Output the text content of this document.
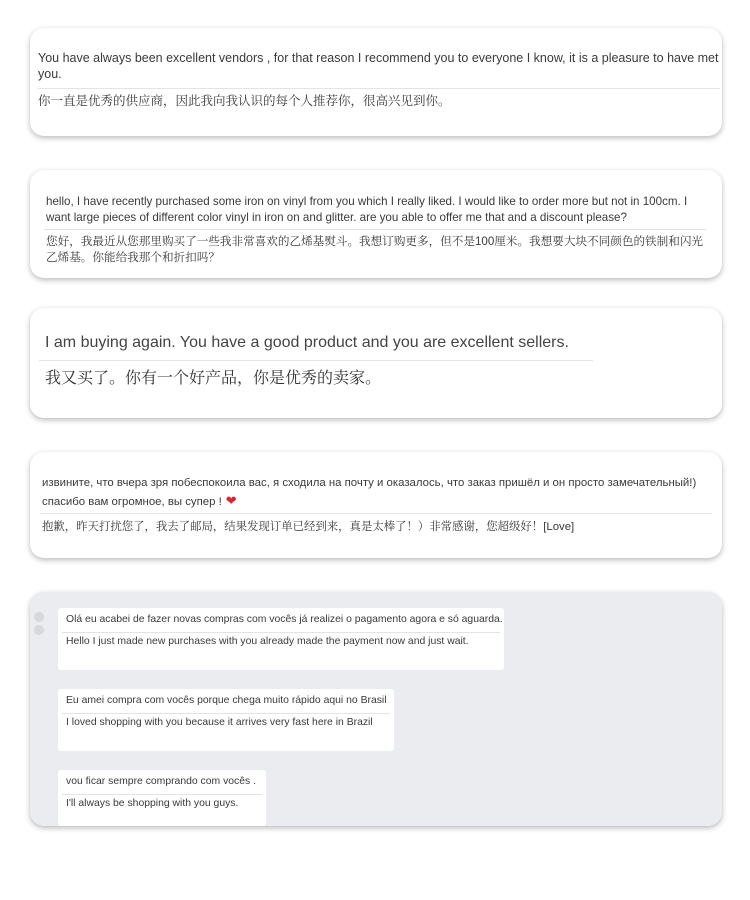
You have always been excellent vendors , for that reason I recommend you to everyone I know, it is a pleasure to have met you.
你一直是优秀的供应商，因此我向我认识的每个人推荐你，很高兴见到你。
hello, I have recently purchased some iron on vinyl from you which I really liked. I would like to order more but not in 100cm. I want large pieces of different color vinyl in iron on and glitter. are you able to offer me that and a discount please?
您好，我最近从您那里购买了一些我非常喜欢的乙烯基熨斗。我想订购更多，但不是100厘米。我想要大块不同颜色的铁制和闪光乙烯基。你能给我那个和折扣吗？
I am buying again. You have a good product and you are excellent sellers.
我又买了。你有一个好产品，你是优秀的卖家。
извините, что вчера зря побеспокоила вас, я сходила на почту и оказалось, что заказ пришёл и он просто замечательный!) спасибо вам огромное, вы супер ! ❤
抱歉，昨天打扰您了，我去了邮局，结果发现订单已经到来，真是太棒了！）非常感谢，您超级好！[Love]
Olá eu acabei de fazer novas compras com vocês já realizei o pagamento agora e só aguarda.
Hello I just made new purchases with you already made the payment now and just wait.
Eu amei compra com vocês porque chega muito rápido aqui no Brasil
I loved shopping with you because it arrives very fast here in Brazil
vou ficar sempre comprando com vocês .
I'll always be shopping with you guys.
